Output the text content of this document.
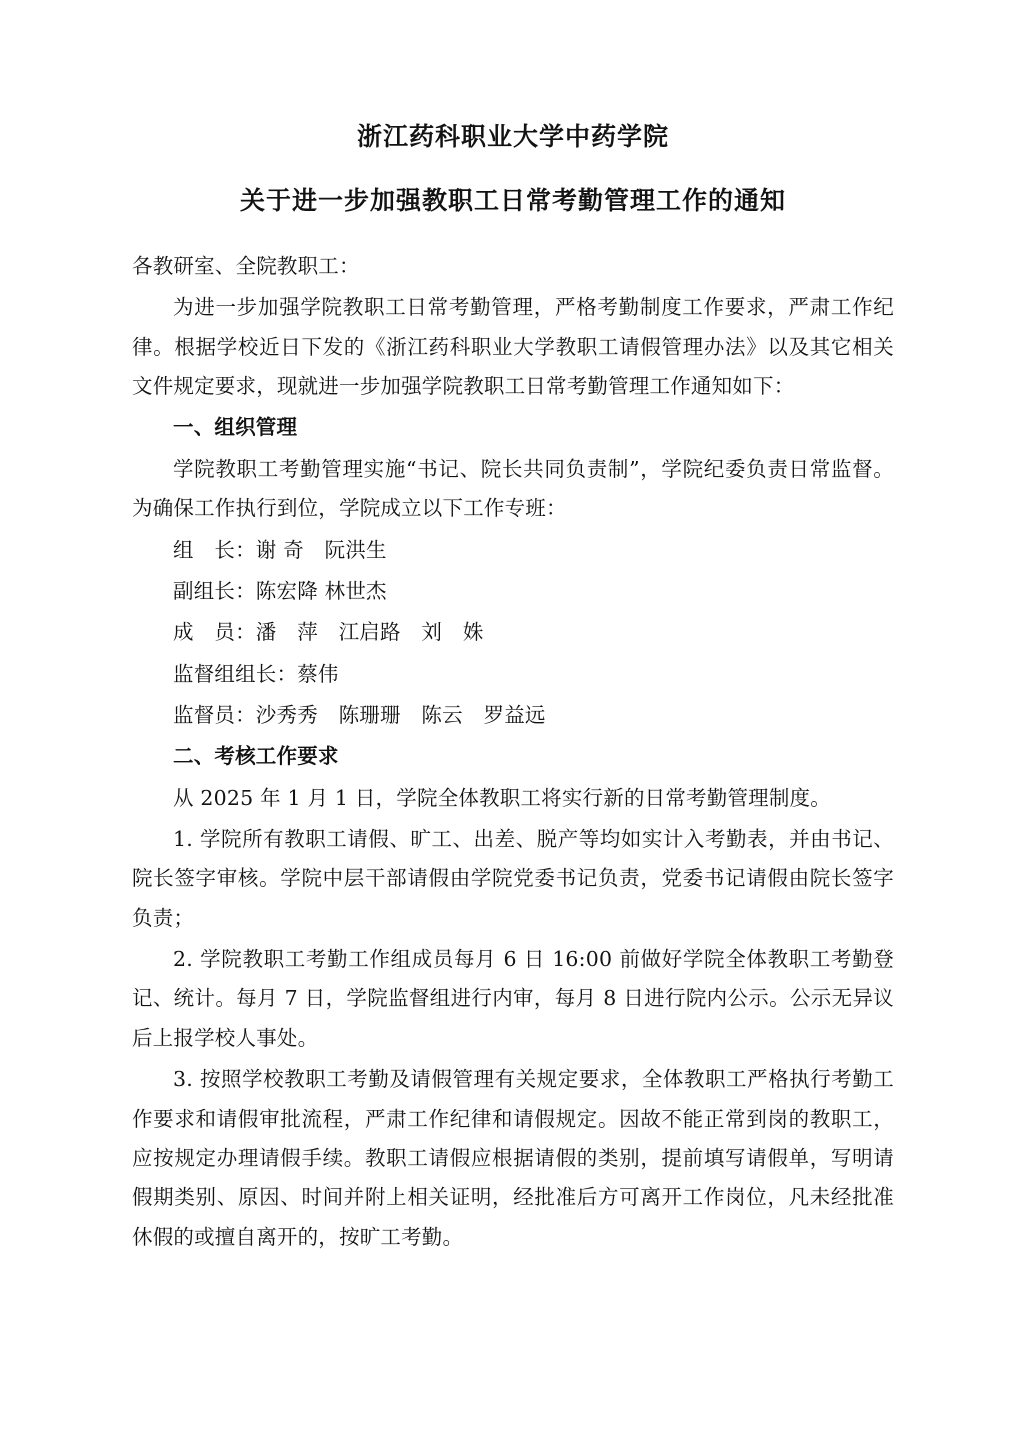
浙江药科职业大学中药学院
关于进一步加强教职工日常考勤管理工作的通知

各教研室、全院教职工：

为进一步加强学院教职工日常考勤管理，严格考勤制度工作要求，严肃工作纪律。根据学校近日下发的《浙江药科职业大学教职工请假管理办法》以及其它相关文件规定要求，现就进一步加强学院教职工日常考勤管理工作通知如下：

一、组织管理

学院教职工考勤管理实施“书记、院长共同负责制”，学院纪委负责日常监督。为确保工作执行到位，学院成立以下工作专班：

组　长：谢 奇　阮洪生

副组长：陈宏降 林世杰

成　员：潘　萍　江启路　刘　姝

监督组组长：蔡伟

监督员：沙秀秀　陈珊珊　陈云　罗益远

二、考核工作要求

从 2025 年 1 月 1 日，学院全体教职工将实行新的日常考勤管理制度。

1. 学院所有教职工请假、旷工、出差、脱产等均如实计入考勤表，并由书记、院长签字审核。学院中层干部请假由学院党委书记负责，党委书记请假由院长签字负责；

2. 学院教职工考勤工作组成员每月 6 日 16:00 前做好学院全体教职工考勤登记、统计。每月 7 日，学院监督组进行内审，每月 8 日进行院内公示。公示无异议后上报学校人事处。

3. 按照学校教职工考勤及请假管理有关规定要求，全体教职工严格执行考勤工作要求和请假审批流程，严肃工作纪律和请假规定。因故不能正常到岗的教职工，应按规定办理请假手续。教职工请假应根据请假的类别，提前填写请假单，写明请假期类别、原因、时间并附上相关证明，经批准后方可离开工作岗位，凡未经批准休假的或擅自离开的，按旷工考勤。
